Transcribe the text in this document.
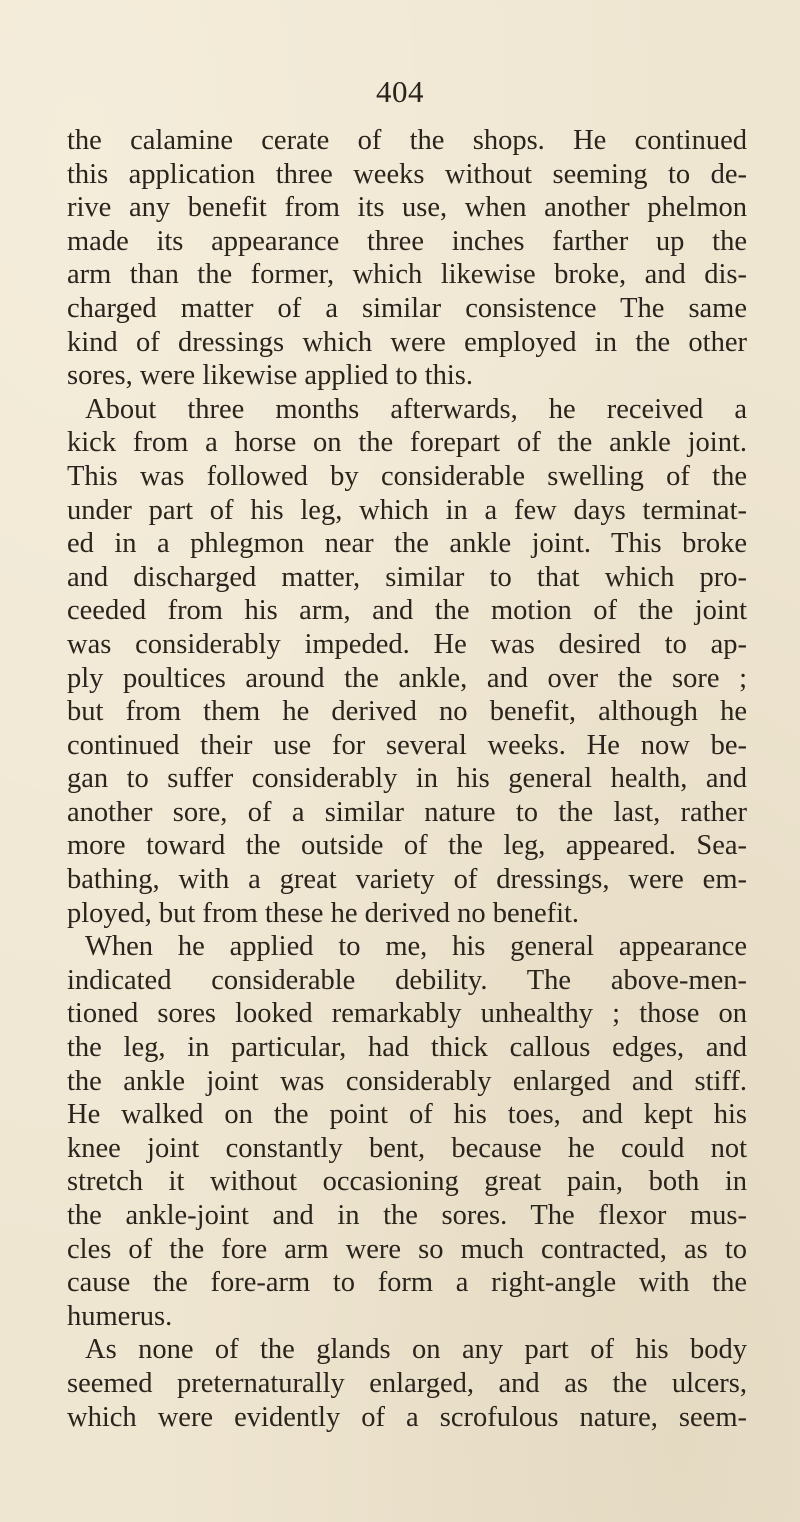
404
the calamine cerate of the shops. He continued
this application three weeks without seeming to de-
rive any benefit from its use, when another phelmon
made its appearance three inches farther up the
arm than the former, which likewise broke, and dis-
charged matter of a similar consistence The same
kind of dressings which were employed in the other
sores, were likewise applied to this.
About three months afterwards, he received a
kick from a horse on the forepart of the ankle joint.
This was followed by considerable swelling of the
under part of his leg, which in a few days terminat-
ed in a phlegmon near the ankle joint. This broke
and discharged matter, similar to that which pro-
ceeded from his arm, and the motion of the joint
was considerably impeded. He was desired to ap-
ply poultices around the ankle, and over the sore ;
but from them he derived no benefit, although he
continued their use for several weeks. He now be-
gan to suffer considerably in his general health, and
another sore, of a similar nature to the last, rather
more toward the outside of the leg, appeared. Sea-
bathing, with a great variety of dressings, were em-
ployed, but from these he derived no benefit.
When he applied to me, his general appearance
indicated considerable debility. The above-men-
tioned sores looked remarkably unhealthy ; those on
the leg, in particular, had thick callous edges, and
the ankle joint was considerably enlarged and stiff.
He walked on the point of his toes, and kept his
knee joint constantly bent, because he could not
stretch it without occasioning great pain, both in
the ankle-joint and in the sores. The flexor mus-
cles of the fore arm were so much contracted, as to
cause the fore-arm to form a right-angle with the
humerus.
As none of the glands on any part of his body
seemed preternaturally enlarged, and as the ulcers,
which were evidently of a scrofulous nature, seem-
